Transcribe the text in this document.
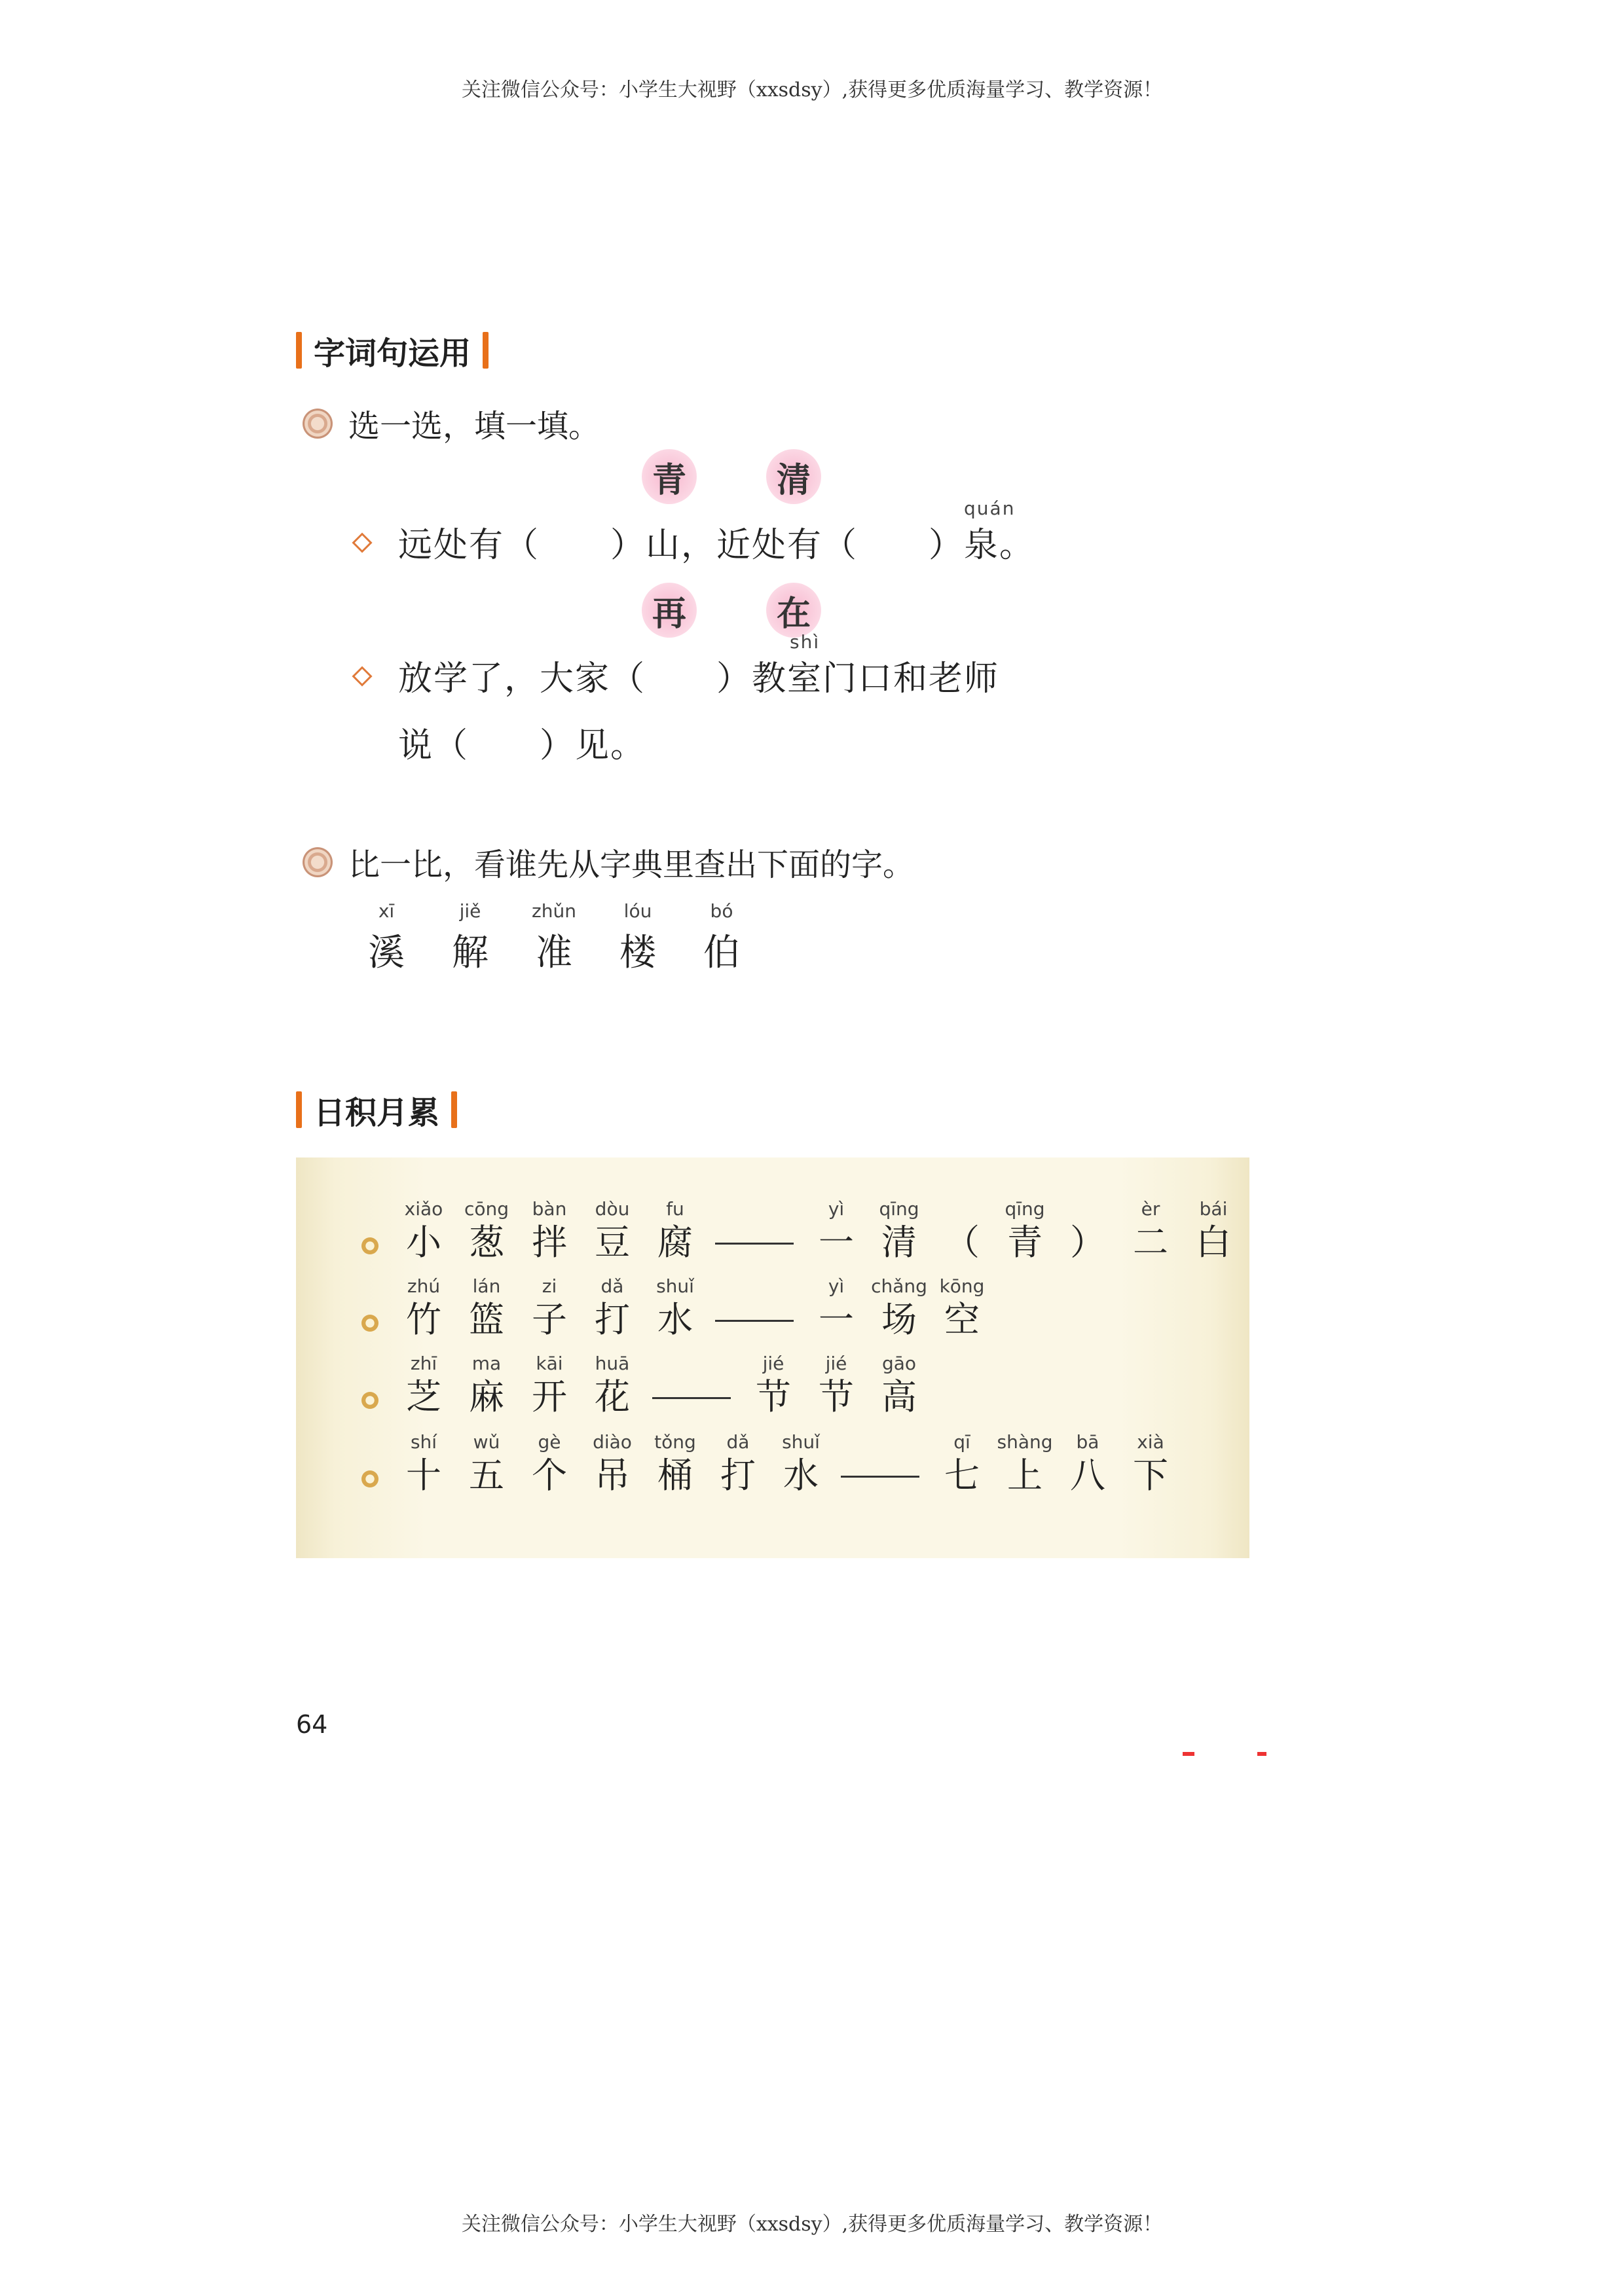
关注微信公众号：小学生大视野（xxsdsy）,获得更多优质海量学习、教学资源！
字词句运用
选一选，填一填。
青	清
远处有（　　）山，近处有（　　）
quán
泉。
再	在
放学了，大家（　　）教
shì
室门口和老师
说（　　）见。
比一比，看谁先从字典里查出下面的字。
xī
溪
jiě
解
zhǔn
准
lóu
楼
bó
伯
日积月累
xiǎo
小
cōng
葱
bàn
拌
dòu
豆
fu
腐
yì
一
qīng
清 （
qīng
青 ）
èr
二
bái
白
zhú
竹
lán
篮
zi
子
dǎ
打
shuǐ
水
yì
一
chǎng
场
kōng
空
zhī
芝
ma
麻
kāi
开
huā
花
jié
节
jié
节
gāo
高
shí
十
wǔ
五
gè
个
diào
吊
tǒng
桶
dǎ
打
shuǐ
水
qī
七
shàng
上
bā
八
xià
下
64
关注微信公众号：小学生大视野（xxsdsy）,获得更多优质海量学习、教学资源！
